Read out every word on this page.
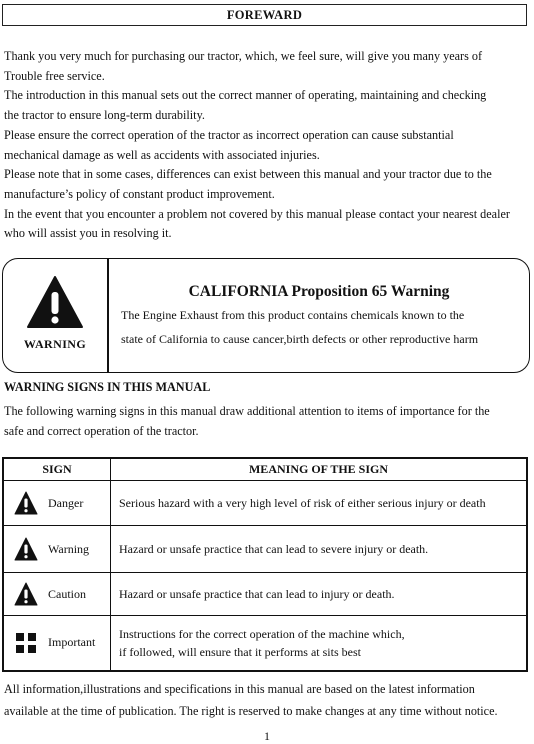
FOREWARD

Thank you very much for purchasing our tractor, which, we feel sure, will give you many years of

Trouble free service.

The introduction in this manual sets out the correct manner of operating, maintaining and checking

the tractor to ensure long-term durability.

Please ensure the correct operation of the tractor as incorrect operation can cause substantial

mechanical damage as well as accidents with associated injuries.

Please note that in some cases, differences can exist between this manual and your tractor due to the

manufacture’s policy of constant product improvement.

In the event that you encounter a problem not covered by this manual please contact your nearest dealer

who will assist you in resolving it.

WARNING
CALIFORNIA Proposition 65 Warning
The Engine Exhaust from this product contains chemicals known to the
state of California to cause cancer,birth defects or other reproductive harm
WARNING SIGNS IN THIS MANUAL
The following warning signs in this manual draw additional attention to items of importance for the
safe and correct operation of the tractor.
SIGN	MEANING OF THE SIGN

Danger	Serious hazard with a very high level of risk of either serious injury or death

Warning	Hazard or unsafe practice that can lead to severe injury or death.

Caution	Hazard or unsafe practice that can lead to injury or death.

Important	Instructions for the correct operation of the machine which,
if followed, will ensure that it performs at sits best
All information,illustrations and specifications in this manual are based on the latest information
available at the time of publication. The right is reserved to make changes at any time without notice.
1
